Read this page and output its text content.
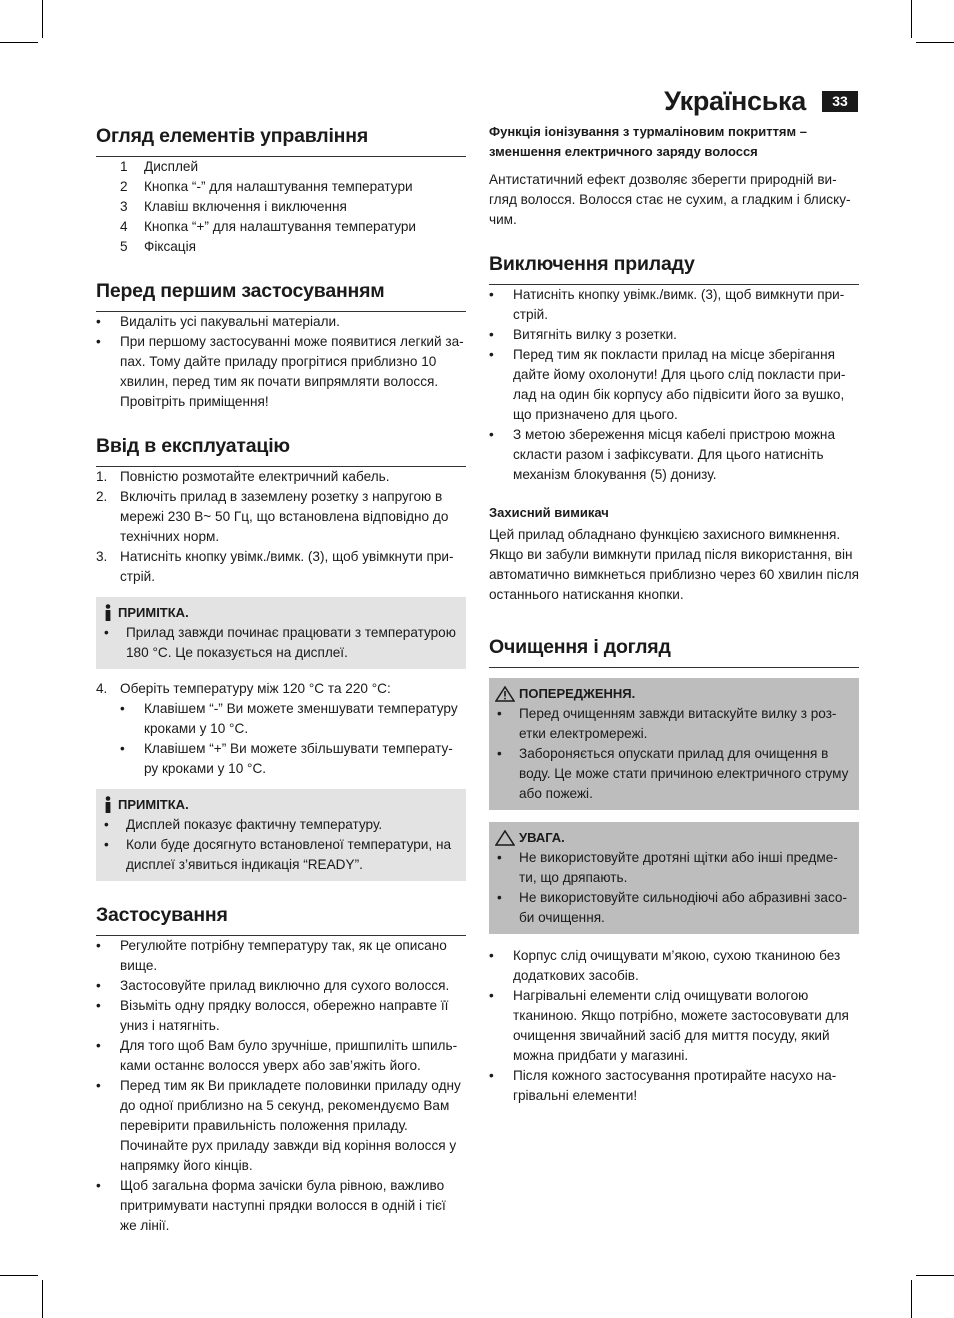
Українська	33
Огляд елементів управління
1 Дисплей
2 Кнопка “-” для налаштування температури
3 Клавіш включення і виключення
4 Кнопка “+” для налаштування температури
5 Фіксація
Перед першим застосуванням
• Видаліть усі пакувальні матеріали.
• При першому застосуванні може появитися легкий за-пах. Тому дайте приладу прогрітися приблизно 10 хвилин, перед тим як почати випрямляти волосся. Провітріть приміщення!
Ввід в експлуатацію
1. Повністю розмотайте електричний кабель.
2. Включіть прилад в заземлену розетку з напругою в мережі 230 В~ 50 Гц, що встановлена відповідно до технічних норм.
3. Натисніть кнопку увімк./вимк. (3), щоб увімкнути при-стрій.
ПРИМІТКА.
• Прилад завжди починає працювати з температурою 180 °C. Це показується на дисплеї.
4. Оберіть температуру між 120 °C та 220 °C:
• Клавішем “-” Ви можете зменшувати температуру кроками у 10 °C.
• Клавішем “+” Ви можете збільшувати температу-ру кроками у 10 °C.
ПРИМІТКА.
• Дисплей показує фактичну температуру.
• Коли буде досягнуто встановленої температури, на дисплеї з’явиться індикація “READY”.
Застосування
• Регулюйте потрібну температуру так, як це описано вище.
• Застосовуйте прилад виключно для сухого волосся.
• Візьміть одну прядку волосся, обережно направте її униз і натягніть.
• Для того щоб Вам було зручніше, пришпиліть шпиль-ками останнє волосся уверх або зав’яжіть його.
• Перед тим як Ви прикладете половинки приладу одну до одної приблизно на 5 секунд, рекомендуємо Вам перевірити правильність положення приладу. Починайте рух приладу завжди від коріння волосся у напрямку його кінців.
• Щоб загальна форма зачіски була рівною, важливо притримувати наступні прядки волосся в одній і тієї же лінії.
Функція іонізування з турмаліновим покриттям – зменшення електричного заряду волосся

Антистатичний ефект дозволяє зберегти природній ви-гляд волосся. Волосся стає не сухим, а гладким і блиску-чим.

Виключення приладу
• Натисніть кнопку увімк./вимк. (3), щоб вимкнути при-стрій.
• Витягніть вилку з розетки.
• Перед тим як покласти прилад на місце зберігання дайте йому охолонути! Для цього слід покласти при-лад на один бік корпусу або підвісити його за вушко, що призначено для цього.
• З метою збереження місця кабелі пристрою можна скласти разом і зафіксувати. Для цього натисніть механізм блокування (5) донизу.
Захисний вимикач

Цей прилад обладнано функцією захисного вимкнення. Якщо ви забули вимкнути прилад після використання, він автоматично вимкнеться приблизно через 60 хвилин після останнього натискання кнопки.

Очищення і догляд
ПОПЕРЕДЖЕННЯ.
• Перед очищенням завжди витаскуйте вилку з роз-етки електромережі.
• Забороняється опускати прилад для очищення в воду. Це може стати причиною електричного струму або пожежі.
УВАГА.
• Не використовуйте дротяні щітки або інші предме-ти, що дряпають.
• Не використовуйте сильнодіючі або абразивні засо-би очищення.
• Корпус слід очищувати м’якою, сухою тканиною без додаткових засобів.
• Нагрівальні елементи слід очищувати вологою тканиною. Якщо потрібно, можете застосовувати для очищення звичайний засіб для миття посуду, який можна придбати у магазині.
• Після кожного застосування протирайте насухо на-грівальні елементи!
